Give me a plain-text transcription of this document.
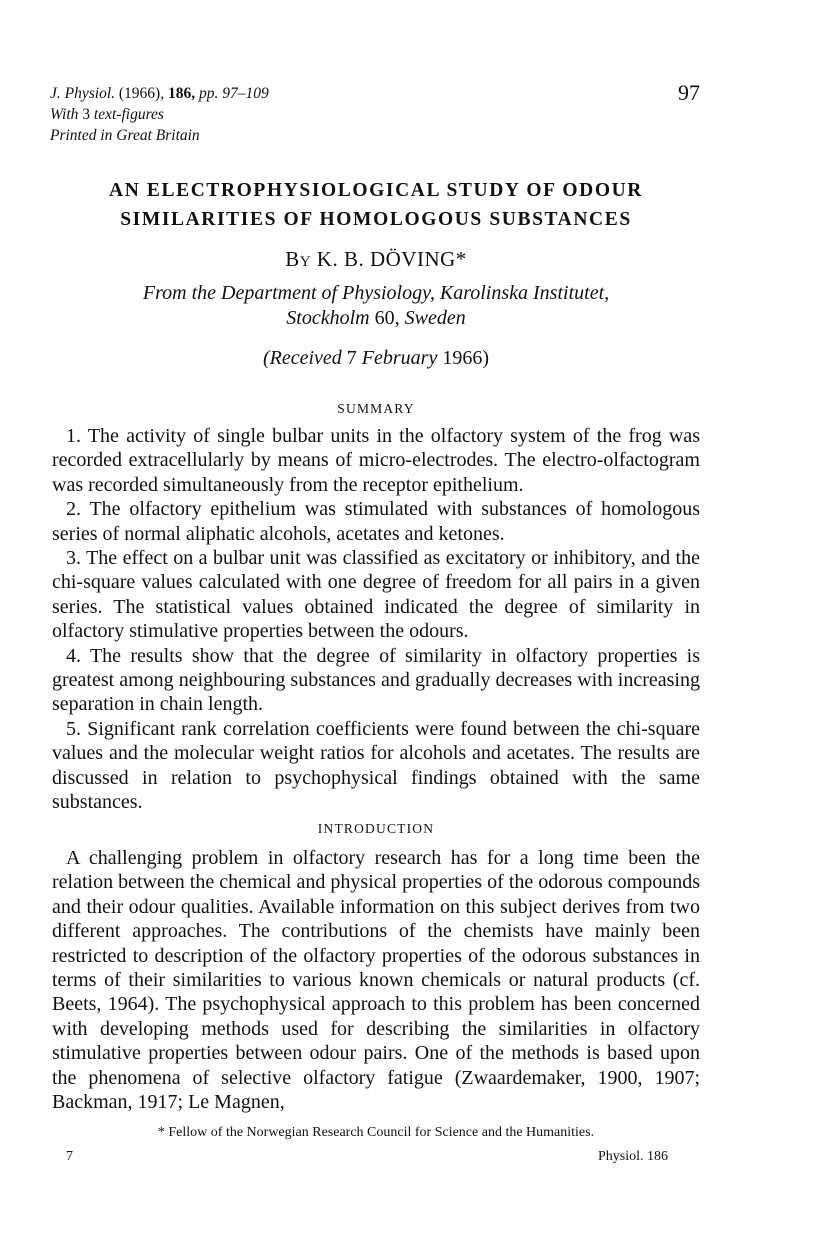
J. Physiol. (1966), 186, pp. 97–109
With 3 text-figures
Printed in Great Britain
97
AN ELECTROPHYSIOLOGICAL STUDY OF ODOUR
SIMILARITIES OF HOMOLOGOUS SUBSTANCES
By K. B. DÖVING*
From the Department of Physiology, Karolinska Institutet,
Stockholm 60, Sweden
(Received 7 February 1966)
SUMMARY

1. The activity of single bulbar units in the olfactory system of the frog was recorded extracellularly by means of micro-electrodes. The electro-olfactogram was recorded simultaneously from the receptor epithelium.

2. The olfactory epithelium was stimulated with substances of homologous series of normal aliphatic alcohols, acetates and ketones.

3. The effect on a bulbar unit was classified as excitatory or inhibitory, and the chi-square values calculated with one degree of freedom for all pairs in a given series. The statistical values obtained indicated the degree of similarity in olfactory stimulative properties between the odours.

4. The results show that the degree of similarity in olfactory properties is greatest among neighbouring substances and gradually decreases with increasing separation in chain length.

5. Significant rank correlation coefficients were found between the chi-square values and the molecular weight ratios for alcohols and acetates. The results are discussed in relation to psychophysical findings obtained with the same substances.

INTRODUCTION

A challenging problem in olfactory research has for a long time been the relation between the chemical and physical properties of the odorous compounds and their odour qualities. Available information on this subject derives from two different approaches. The contributions of the chemists have mainly been restricted to description of the olfactory properties of the odorous substances in terms of their similarities to various known chemicals or natural products (cf. Beets, 1964). The psychophysical approach to this problem has been concerned with developing methods used for describing the similarities in olfactory stimulative properties between odour pairs. One of the methods is based upon the phenomena of selective olfactory fatigue (Zwaardemaker, 1900, 1907; Backman, 1917; Le Magnen,

* Fellow of the Norwegian Research Council for Science and the Humanities.
7	Physiol. 186
